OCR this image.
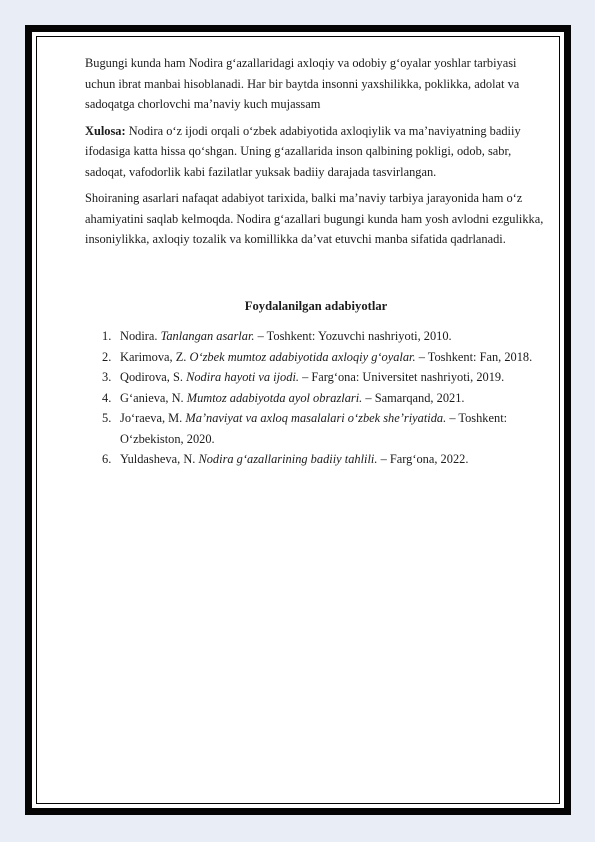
Bugungi kunda ham Nodira g‘azallaridagi axloqiy va odobiy g‘oyalar yoshlar tarbiyasi uchun ibrat manbai hisoblanadi. Har bir baytda insonni yaxshilikka, poklikka, adolat va sadoqatga chorlovchi ma’naviy kuch mujassam

Xulosa: Nodira o‘z ijodi orqali o‘zbek adabiyotida axloqiylik va ma’naviyatning badiiy ifodasiga katta hissa qo‘shgan. Uning g‘azallarida inson qalbining pokligi, odob, sabr, sadoqat, vafodorlik kabi fazilatlar yuksak badiiy darajada tasvirlangan.

Shoiraning asarlari nafaqat adabiyot tarixida, balki ma’naviy tarbiya jarayonida ham o‘z ahamiyatini saqlab kelmoqda. Nodira g‘azallari bugungi kunda ham yosh avlodni ezgulikka, insoniylikka, axloqiy tozalik va komillikka da’vat etuvchi manba sifatida qadrlanadi.

Foydalanilgan adabiyotlar

1. Nodira. Tanlangan asarlar. – Toshkent: Yozuvchi nashriyoti, 2010.
2. Karimova, Z. O‘zbek mumtoz adabiyotida axloqiy g‘oyalar. – Toshkent: Fan, 2018.
3. Qodirova, S. Nodira hayoti va ijodi. – Farg‘ona: Universitet nashriyoti, 2019.
4. G‘anieva, N. Mumtoz adabiyotda ayol obrazlari. – Samarqand, 2021.
5. Jo‘raeva, M. Ma’naviyat va axloq masalalari o‘zbek she’riyatida. – Toshkent: O‘zbekiston, 2020.
6. Yuldasheva, N. Nodira g‘azallarining badiiy tahlili. – Farg‘ona, 2022.
